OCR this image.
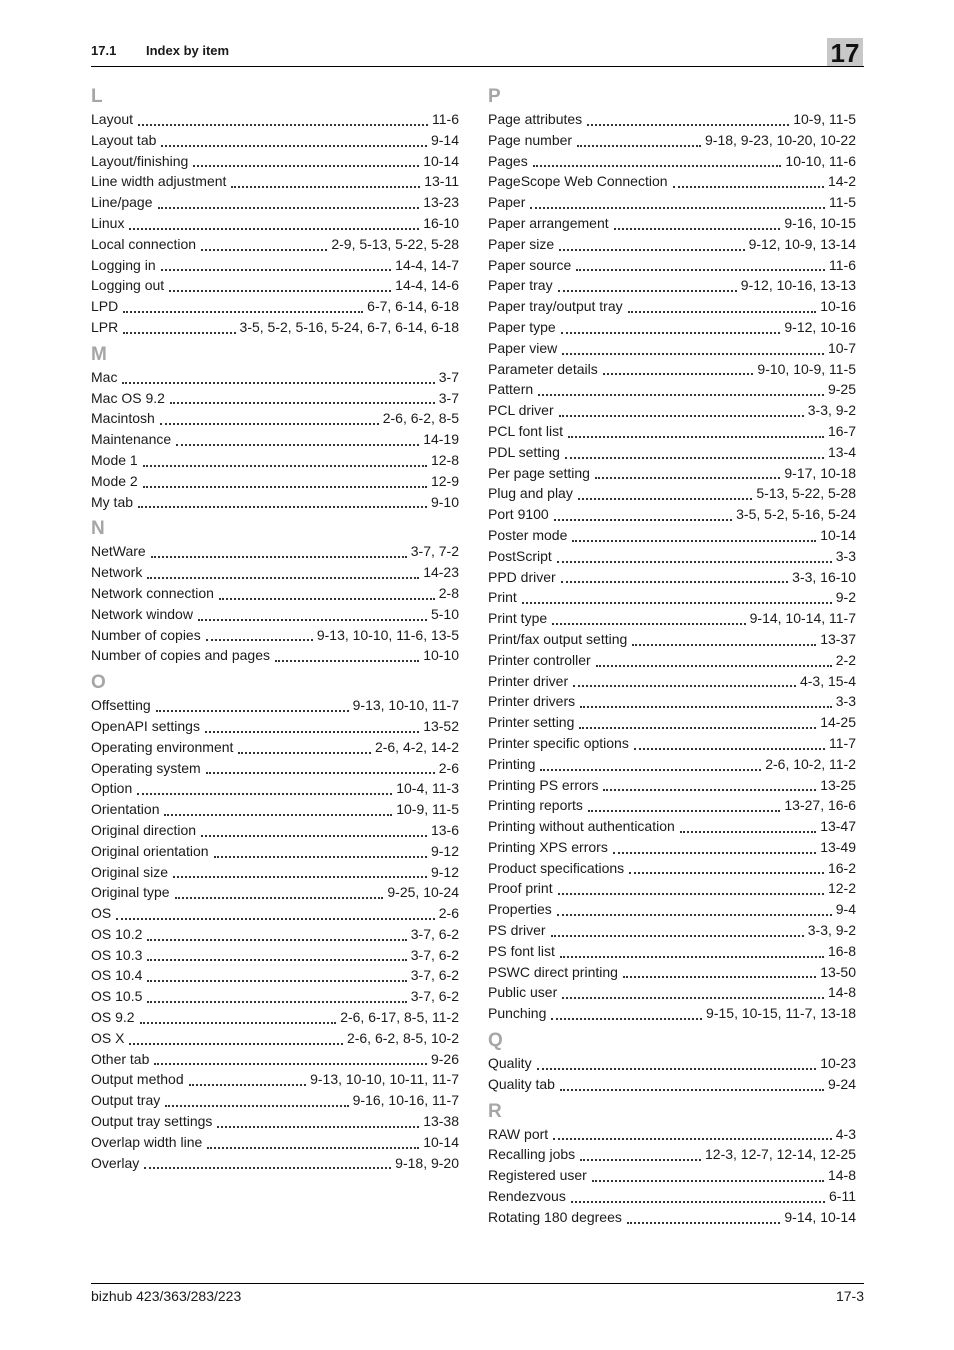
17.1 Index by item	17
L
Layout	11-6
Layout tab	9-14
Layout/finishing	10-14
Line width adjustment	13-11
Line/page	13-23
Linux	16-10
Local connection	2-9, 5-13, 5-22, 5-28
Logging in	14-4, 14-7
Logging out	14-4, 14-6
LPD	6-7, 6-14, 6-18
LPR	3-5, 5-2, 5-16, 5-24, 6-7, 6-14, 6-18
M
Mac	3-7
Mac OS 9.2	3-7
Macintosh	2-6, 6-2, 8-5
Maintenance	14-19
Mode 1	12-8
Mode 2	12-9
My tab	9-10
N
NetWare	3-7, 7-2
Network	14-23
Network connection	2-8
Network window	5-10
Number of copies	9-13, 10-10, 11-6, 13-5
Number of copies and pages	10-10
O
Offsetting	9-13, 10-10, 11-7
OpenAPI settings	13-52
Operating environment	2-6, 4-2, 14-2
Operating system	2-6
Option	10-4, 11-3
Orientation	10-9, 11-5
Original direction	13-6
Original orientation	9-12
Original size	9-12
Original type	9-25, 10-24
OS	2-6
OS 10.2	3-7, 6-2
OS 10.3	3-7, 6-2
OS 10.4	3-7, 6-2
OS 10.5	3-7, 6-2
OS 9.2	2-6, 6-17, 8-5, 11-2
OS X	2-6, 6-2, 8-5, 10-2
Other tab	9-26
Output method	9-13, 10-10, 10-11, 11-7
Output tray	9-16, 10-16, 11-7
Output tray settings	13-38
Overlap width line	10-14
Overlay	9-18, 9-20
P
Page attributes	10-9, 11-5
Page number	9-18, 9-23, 10-20, 10-22
Pages	10-10, 11-6
PageScope Web Connection	14-2
Paper	11-5
Paper arrangement	9-16, 10-15
Paper size	9-12, 10-9, 13-14
Paper source	11-6
Paper tray	9-12, 10-16, 13-13
Paper tray/output tray	10-16
Paper type	9-12, 10-16
Paper view	10-7
Parameter details	9-10, 10-9, 11-5
Pattern	9-25
PCL driver	3-3, 9-2
PCL font list	16-7
PDL setting	13-4
Per page setting	9-17, 10-18
Plug and play	5-13, 5-22, 5-28
Port 9100	3-5, 5-2, 5-16, 5-24
Poster mode	10-14
PostScript	3-3
PPD driver	3-3, 16-10
Print	9-2
Print type	9-14, 10-14, 11-7
Print/fax output setting	13-37
Printer controller	2-2
Printer driver	4-3, 15-4
Printer drivers	3-3
Printer setting	14-25
Printer specific options	11-7
Printing	2-6, 10-2, 11-2
Printing PS errors	13-25
Printing reports	13-27, 16-6
Printing without authentication	13-47
Printing XPS errors	13-49
Product specifications	16-2
Proof print	12-2
Properties	9-4
PS driver	3-3, 9-2
PS font list	16-8
PSWC direct printing	13-50
Public user	14-8
Punching	9-15, 10-15, 11-7, 13-18
Q
Quality	10-23
Quality tab	9-24
R
RAW port	4-3
Recalling jobs	12-3, 12-7, 12-14, 12-25
Registered user	14-8
Rendezvous	6-11
Rotating 180 degrees	9-14, 10-14
bizhub 423/363/283/223	17-3
